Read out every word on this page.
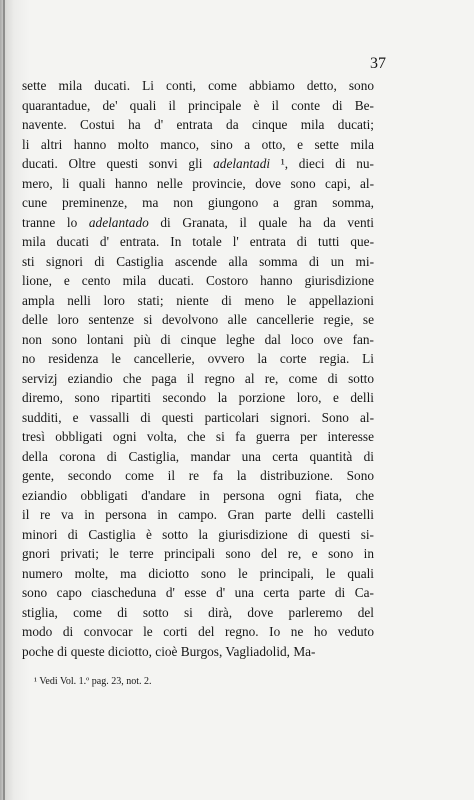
37
sette mila ducati. Li conti, come abbiamo detto, sono
quarantadue, de' quali il principale è il conte di Be-
navente. Costui ha d' entrata da cinque mila ducati;
li altri hanno molto manco, sino a otto, e sette mila
ducati. Oltre questi sonvi gli adelantadi ¹, dieci di nu-
mero, li quali hanno nelle provincie, dove sono capi, al-
cune preminenze, ma non giungono a gran somma,
tranne lo adelantado di Granata, il quale ha da venti
mila ducati d' entrata. In totale l' entrata di tutti que-
sti signori di Castiglia ascende alla somma di un mi-
lione, e cento mila ducati. Costoro hanno giurisdizione
ampla nelli loro stati; niente di meno le appellazioni
delle loro sentenze si devolvono alle cancellerie regie, se
non sono lontani più di cinque leghe dal loco ove fan-
no residenza le cancellerie, ovvero la corte regia. Li
servizj eziandio che paga il regno al re, come di sotto
diremo, sono ripartiti secondo la porzione loro, e delli
sudditi, e vassalli di questi particolari signori. Sono al-
tresì obbligati ogni volta, che si fa guerra per interesse
della corona di Castiglia, mandar una certa quantità di
gente, secondo come il re fa la distribuzione. Sono
eziandio obbligati d'andare in persona ogni fiata, che
il re va in persona in campo. Gran parte delli castelli
minori di Castiglia è sotto la giurisdizione di questi si-
gnori privati; le terre principali sono del re, e sono in
numero molte, ma diciotto sono le principali, le quali
sono capo ciascheduna d' esse d' una certa parte di Ca-
stiglia, come di sotto si dirà, dove parleremo del
modo di convocar le corti del regno. Io ne ho veduto
poche di queste diciotto, cioè Burgos, Vagliadolid, Ma-
¹ Vedi Vol. 1.º pag. 23, not. 2.
